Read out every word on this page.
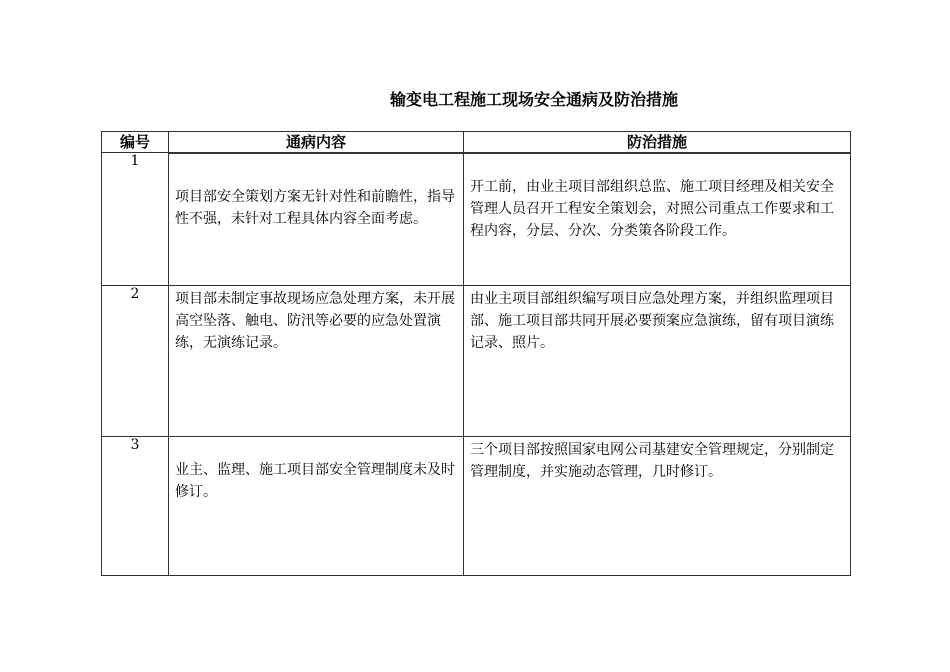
输变电工程施工现场安全通病及防治措施
编号	通病内容	防治措施
1	项目部安全策划方案无针对性和前瞻性，指导性不强，未针对工程具体内容全面考虑。	开工前，由业主项目部组织总监、施工项目经理及相关安全管理人员召开工程安全策划会，对照公司重点工作要求和工程内容，分层、分次、分类策各阶段工作。

2	项目部未制定事故现场应急处理方案，未开展高空坠落、触电、防汛等必要的应急处置演练，无演练记录。	由业主项目部组织编写项目应急处理方案，并组织监理项目部、施工项目部共同开展必要预案应急演练，留有项目演练记录、照片。

3	业主、监理、施工项目部安全管理制度未及时修订。	三个项目部按照国家电网公司基建安全管理规定，分别制定管理制度，并实施动态管理，几时修订。
